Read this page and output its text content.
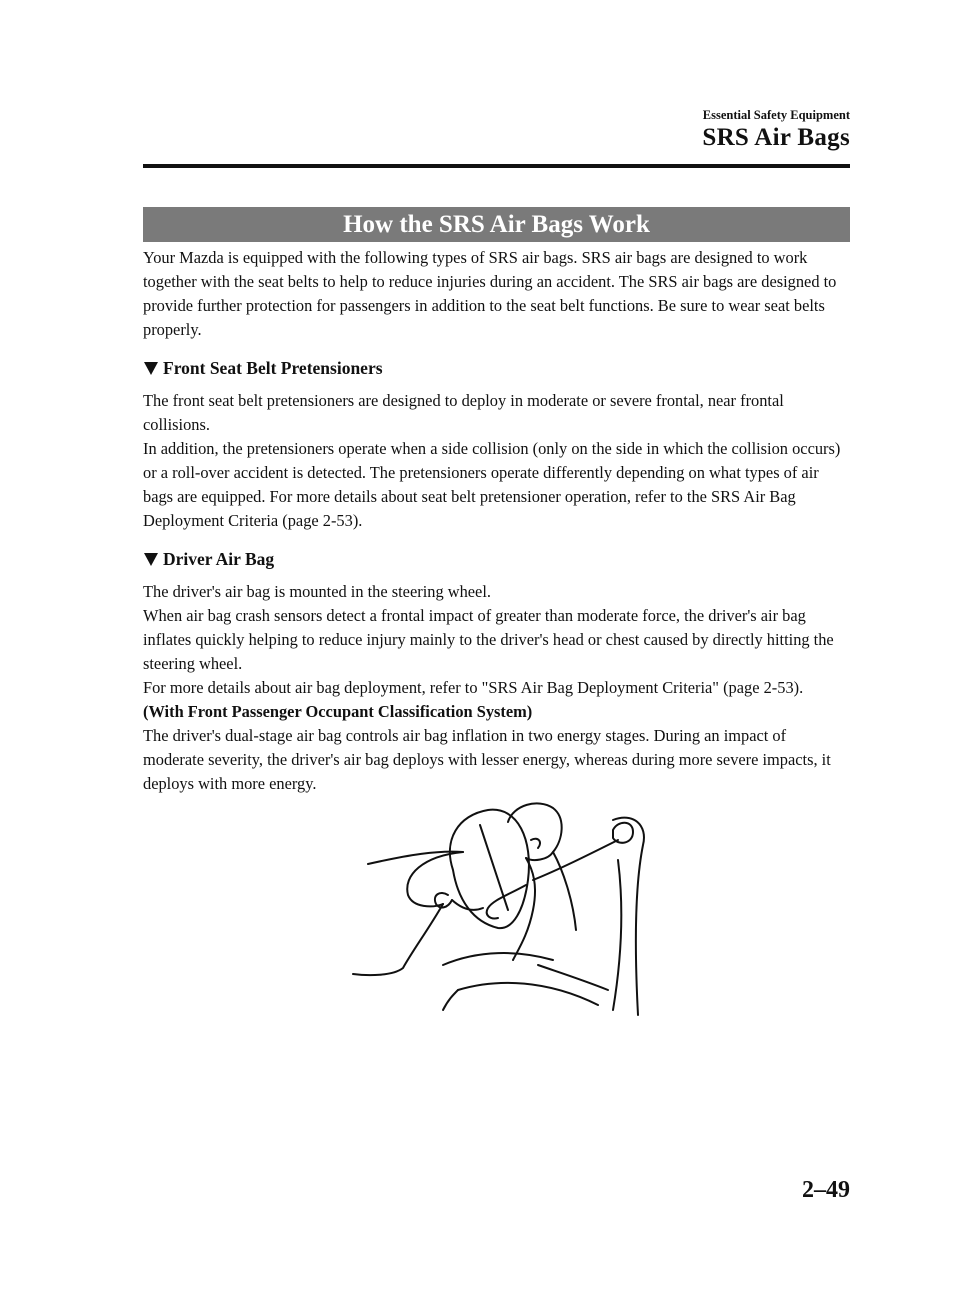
Essential Safety Equipment
SRS Air Bags
How the SRS Air Bags Work

Your Mazda is equipped with the following types of SRS air bags. SRS air bags are designed to work together with the seat belts to help to reduce injuries during an accident. The SRS air bags are designed to provide further protection for passengers in addition to the seat belt functions. Be sure to wear seat belts properly.

Front Seat Belt Pretensioners

The front seat belt pretensioners are designed to deploy in moderate or severe frontal, near frontal collisions.

In addition, the pretensioners operate when a side collision (only on the side in which the collision occurs) or a roll-over accident is detected. The pretensioners operate differently depending on what types of air bags are equipped. For more details about seat belt pretensioner operation, refer to the SRS Air Bag Deployment Criteria (page 2-53).

Driver Air Bag

The driver's air bag is mounted in the steering wheel.

When air bag crash sensors detect a frontal impact of greater than moderate force, the driver's air bag inflates quickly helping to reduce injury mainly to the driver's head or chest caused by directly hitting the steering wheel.

For more details about air bag deployment, refer to "SRS Air Bag Deployment Criteria" (page 2-53).

(With Front Passenger Occupant Classification System)

The driver's dual-stage air bag controls air bag inflation in two energy stages. During an impact of moderate severity, the driver's air bag deploys with lesser energy, whereas during more severe impacts, it deploys with more energy.

2–49
